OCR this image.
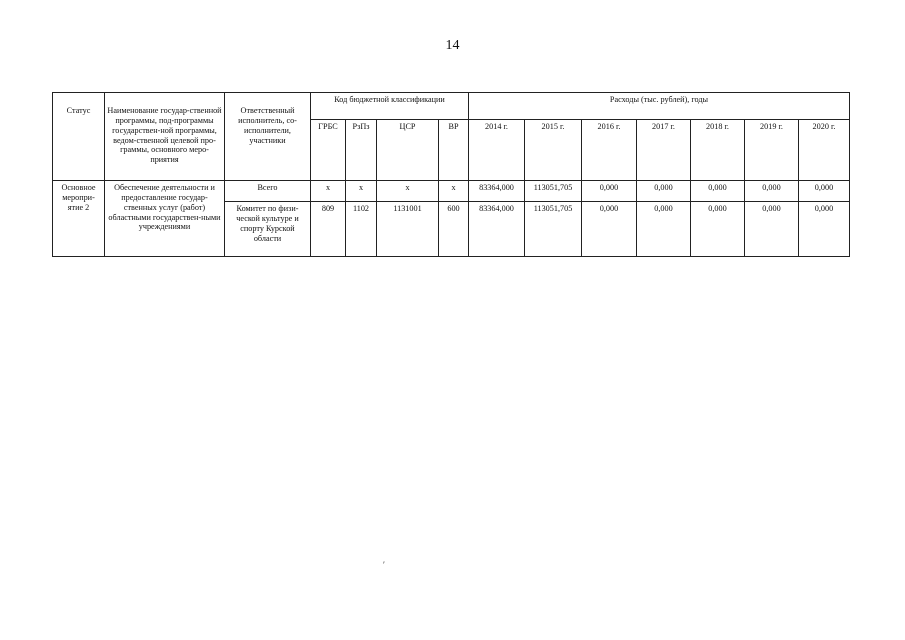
14
Статус	Наименование государ-ственной программы, под-программы государствен-ной программы, ведом-ственной целевой про-граммы, основного меро-приятия	Ответственный исполнитель, со-исполнители, участники	Код бюджетной классификации				Расходы (тыс. рублей), годы						
			ГРБС	РзПз	ЦСР	ВР	2014 г.	2015 г.	2016 г.	2017 г.	2018 г.	2019 г.	2020 г.
Основное меропри-ятие 2	Обеспечение деятельности и предоставление государ-ственных услуг (работ) областными государствен-ными учреждениями	Всего	х	х	х	х	83364,000	113051,705	0,000	0,000	0,000	0,000	0,000
		Комитет по физи-ческой культуре и спорту Курской области	809	1102	1131001	600	83364,000	113051,705	0,000	0,000	0,000	0,000	0,000
′
